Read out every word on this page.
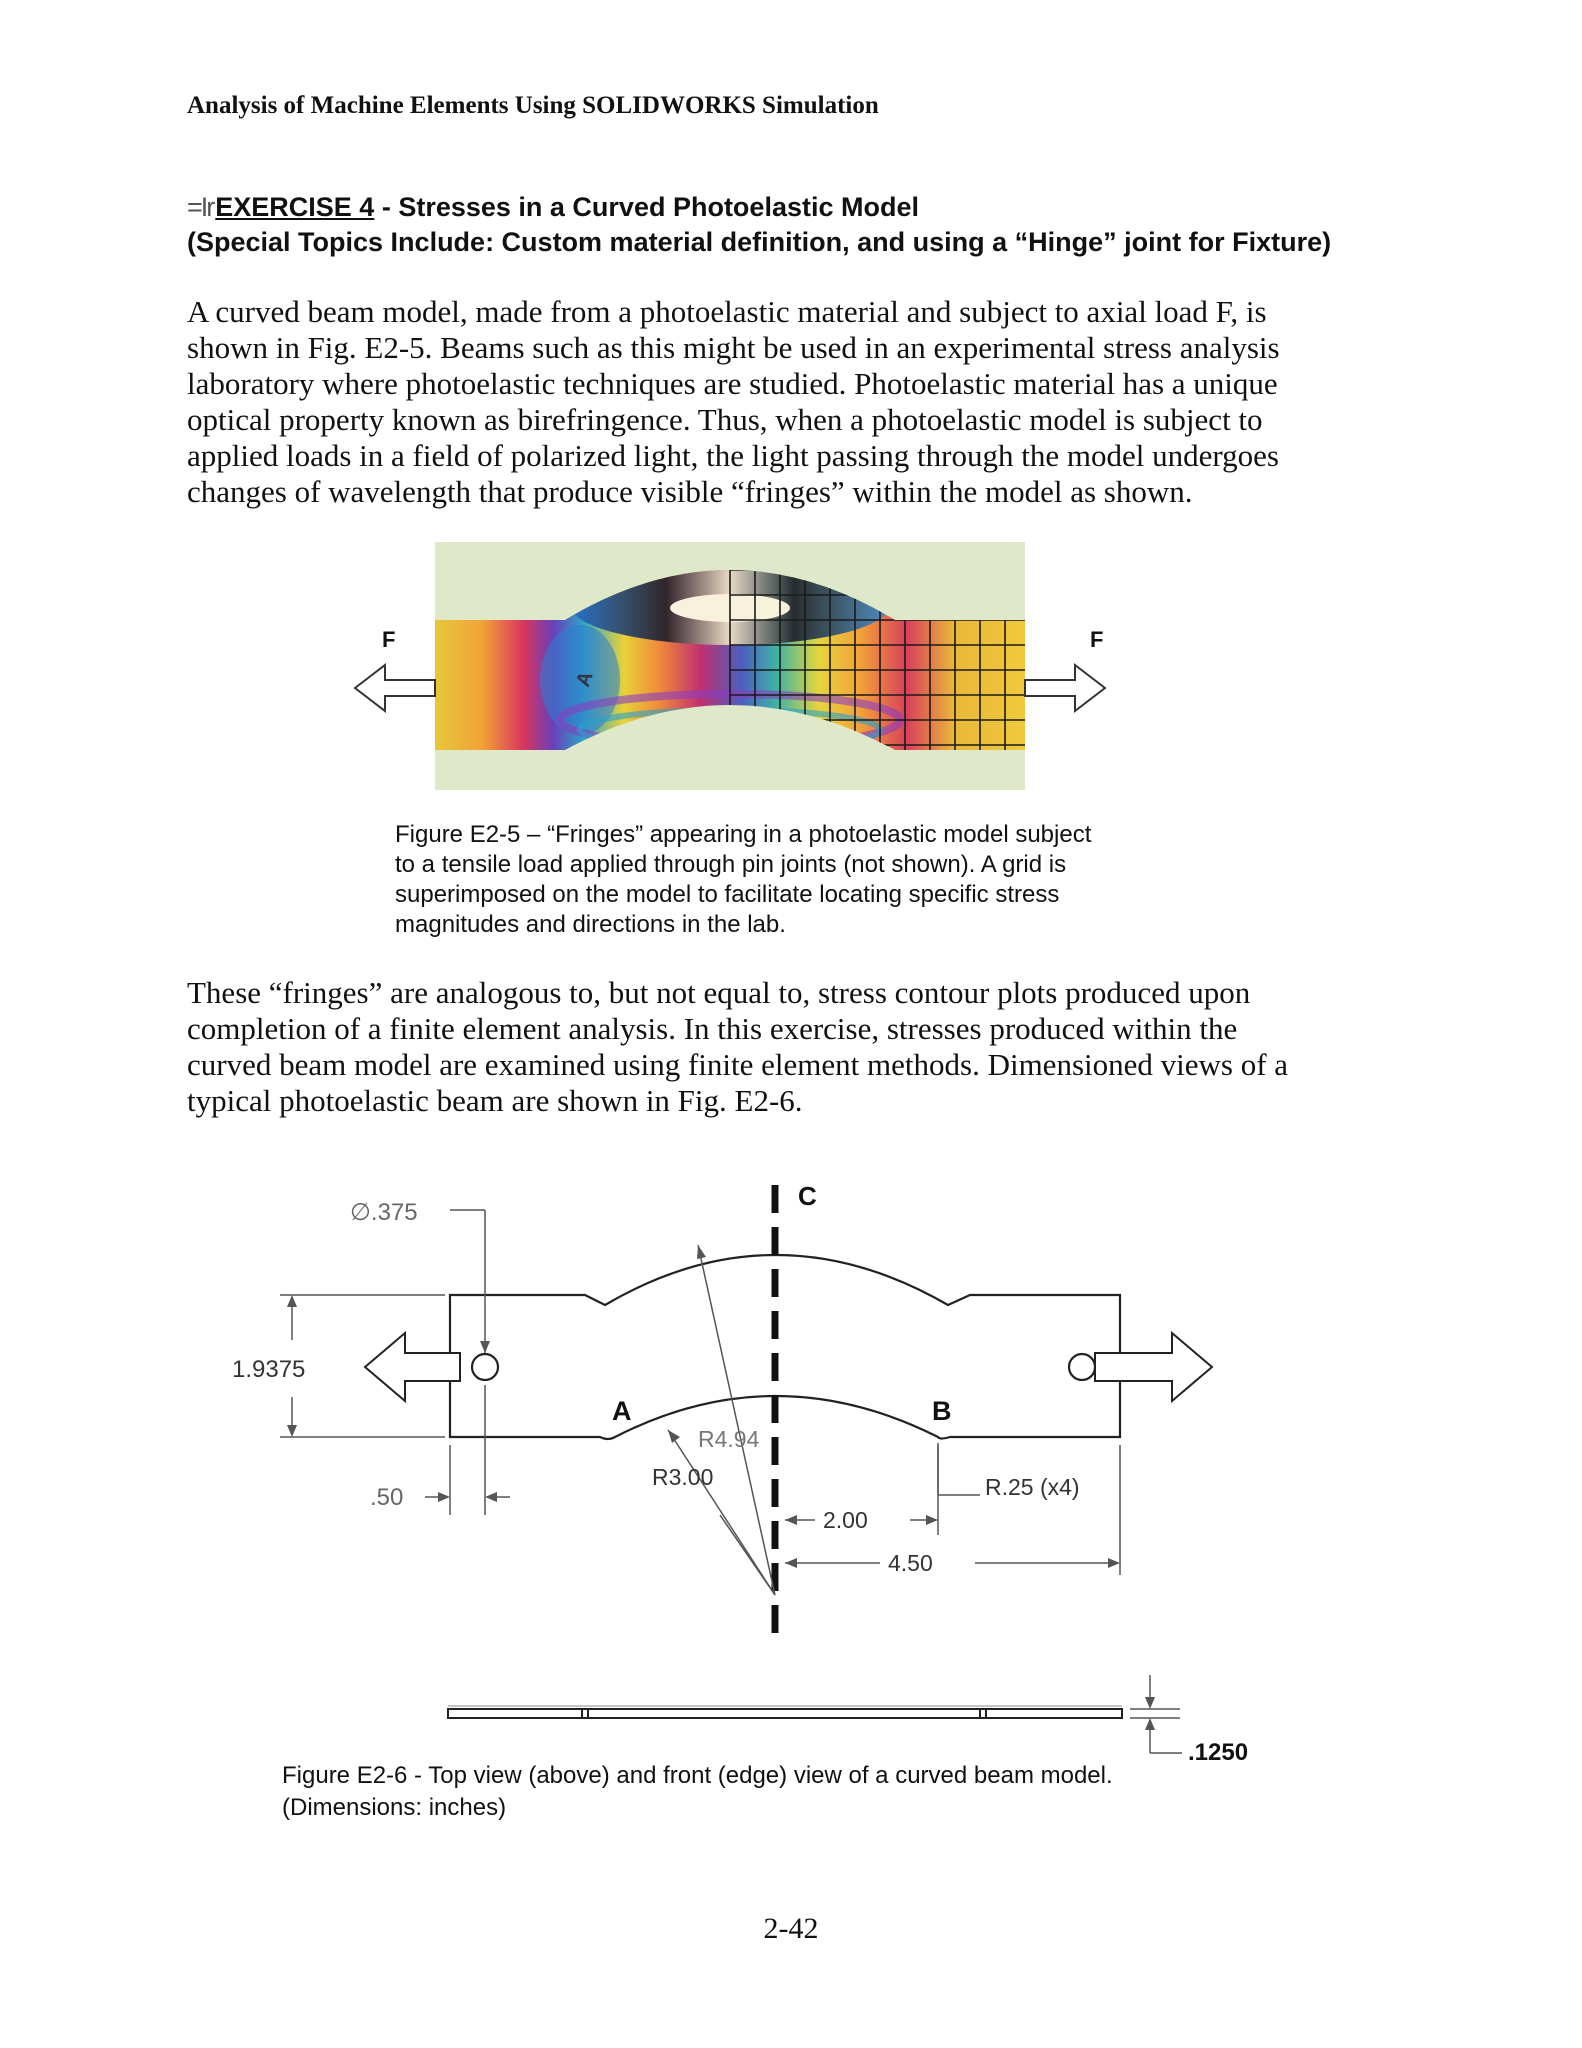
Analysis of Machine Elements Using SOLIDWORKS Simulation
=IrEXERCISE 4 - Stresses in a Curved Photoelastic Model
(Special Topics Include: Custom material definition, and using a “Hinge” joint for Fixture)
A curved beam model, made from a photoelastic material and subject to axial load F, is shown in Fig. E2-5. Beams such as this might be used in an experimental stress analysis laboratory where photoelastic techniques are studied. Photoelastic material has a unique optical property known as birefringence. Thus, when a photoelastic model is subject to applied loads in a field of polarized light, the light passing through the model undergoes changes of wavelength that produce visible “fringes” within the model as shown.
F	F
A
Figure E2-5 – “Fringes” appearing in a photoelastic model subject to a tensile load applied through pin joints (not shown). A grid is superimposed on the model to facilitate locating specific stress magnitudes and directions in the lab.
These “fringes” are analogous to, but not equal to, stress contour plots produced upon completion of a finite element analysis. In this exercise, stresses produced within the curved beam model are examined using finite element methods. Dimensioned views of a typical photoelastic beam are shown in Fig. E2-6.
C
∅.375
1.9375
.50
A	B
R4.94
R3.00	R.25 (x4)
2.00
4.50
.1250
Figure E2-6 - Top view (above) and front (edge) view of a curved beam model.
(Dimensions: inches)
2-42
